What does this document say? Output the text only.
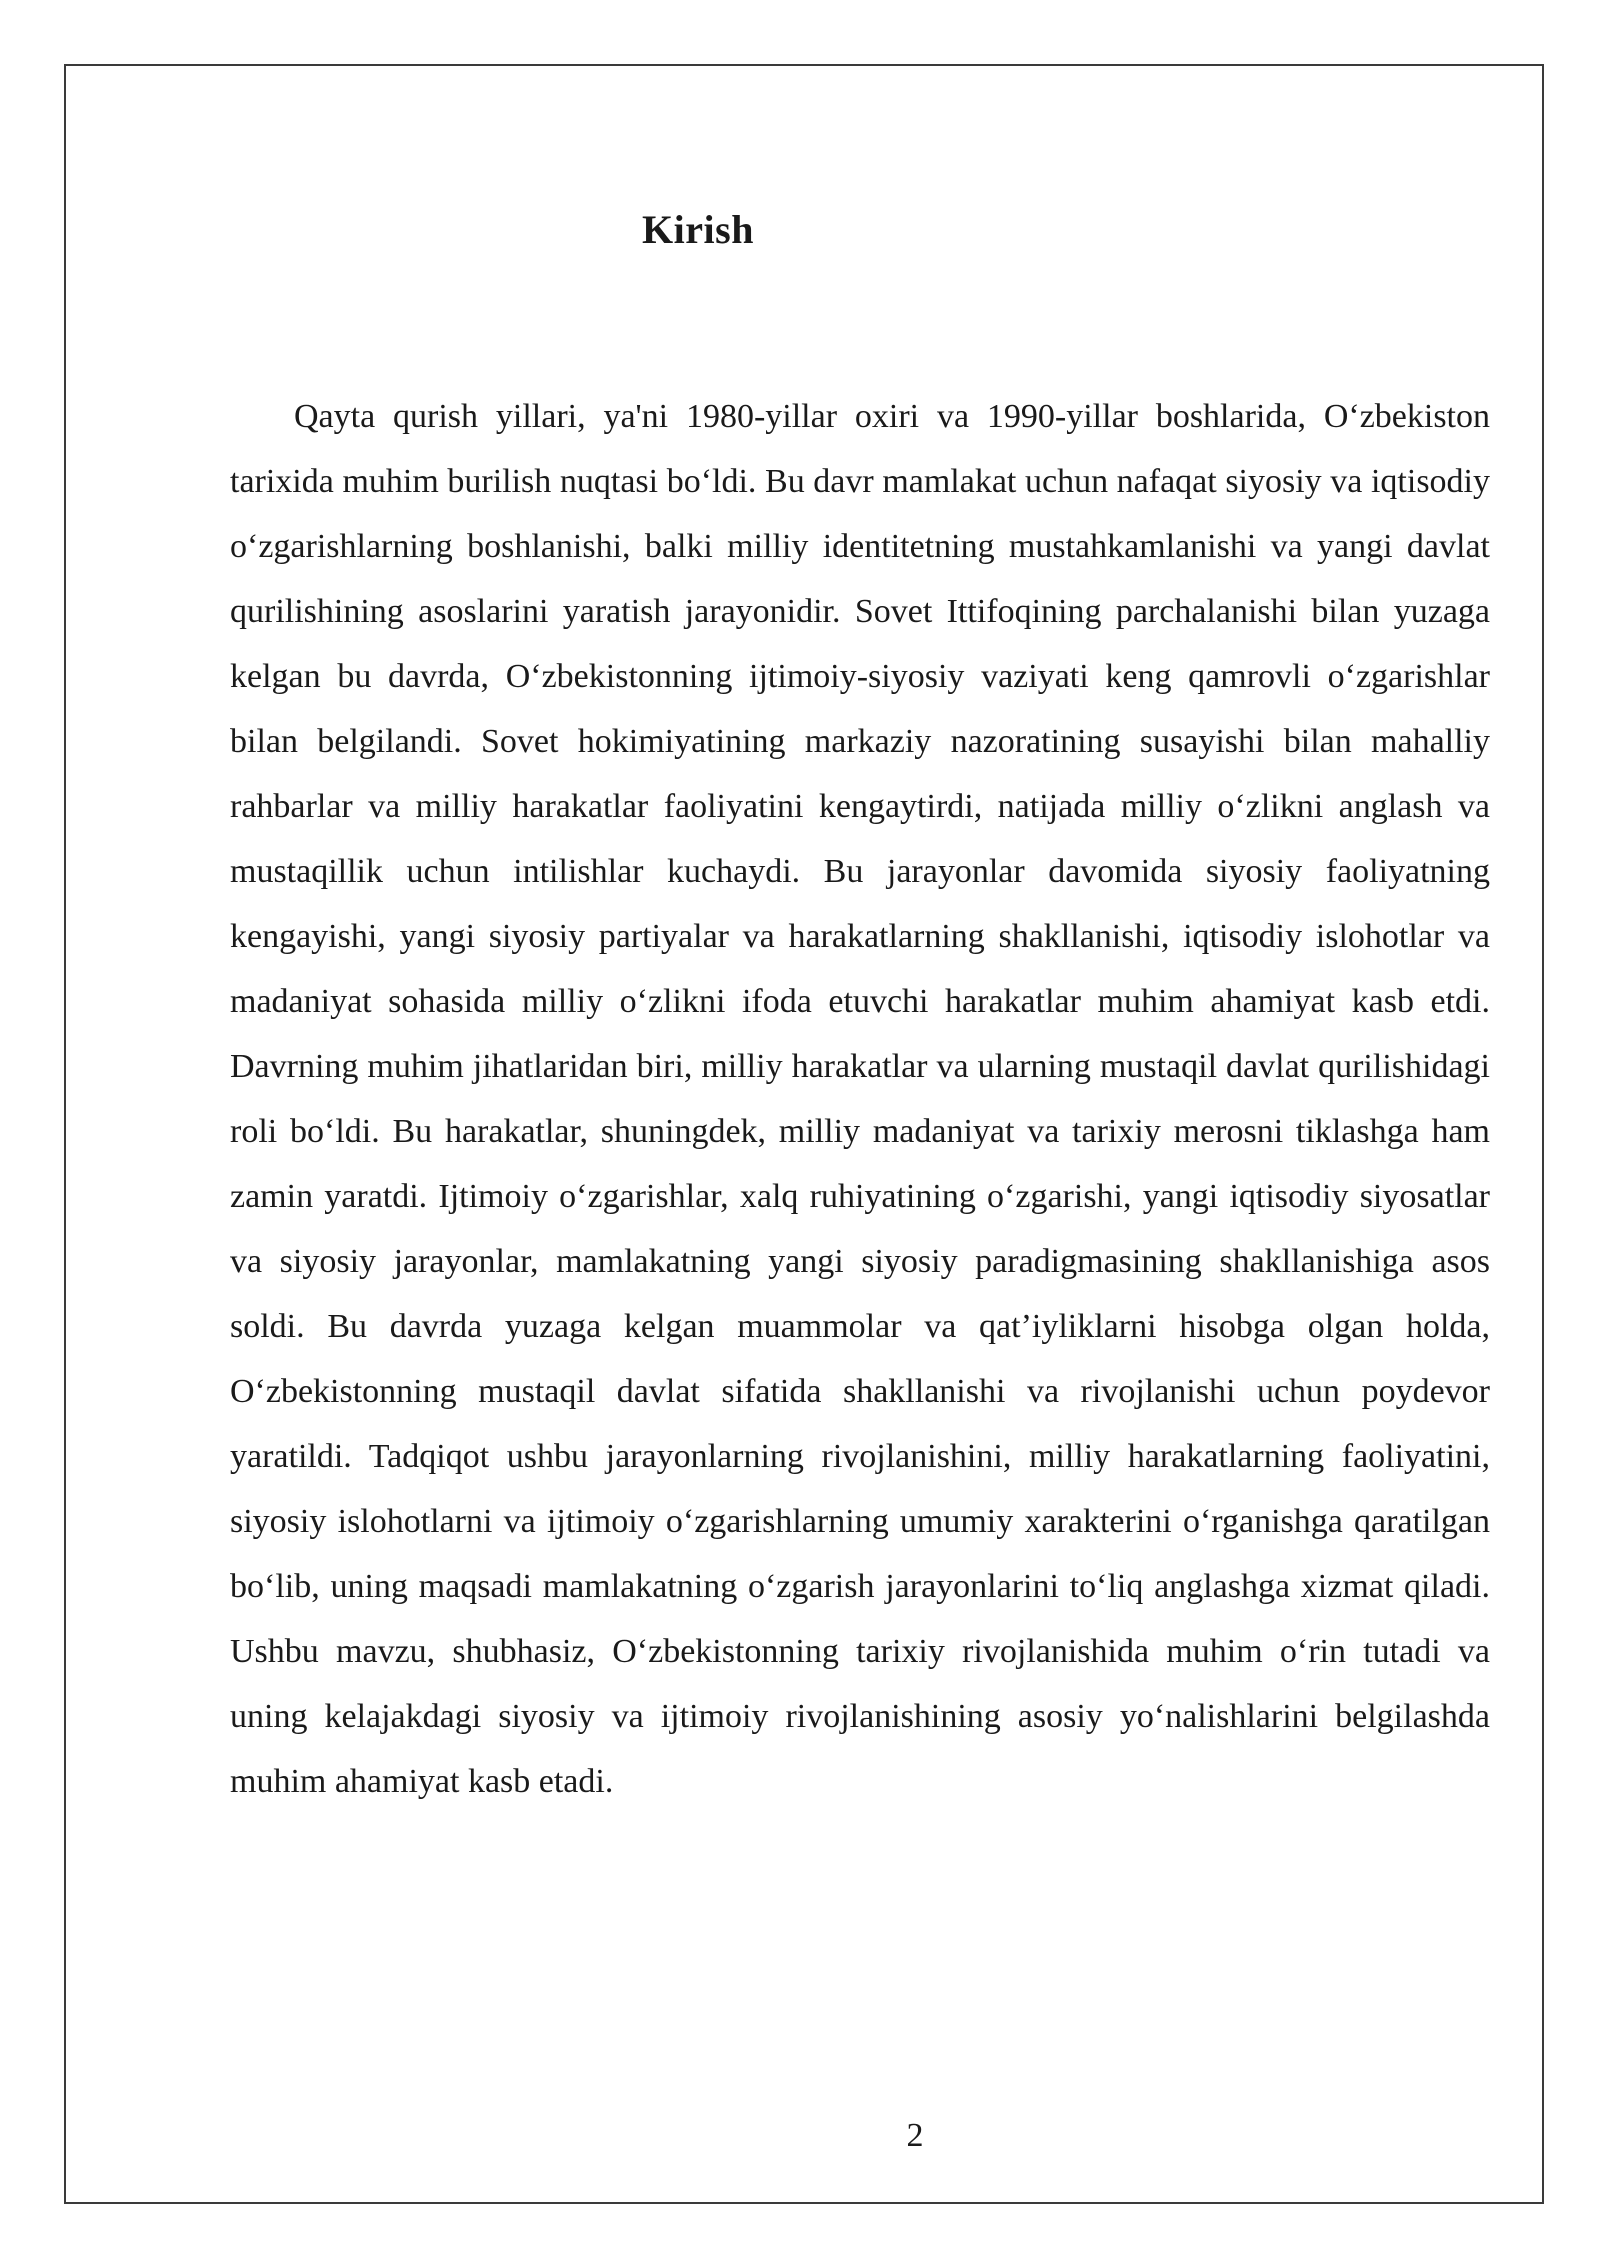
Kirish

Qayta qurish yillari, ya'ni 1980-yillar oxiri va 1990-yillar boshlarida, O‘zbekiston tarixida muhim burilish nuqtasi bo‘ldi. Bu davr mamlakat uchun nafaqat siyosiy va iqtisodiy o‘zgarishlarning boshlanishi, balki milliy identitetning mustahkamlanishi va yangi davlat qurilishining asoslarini yaratish jarayonidir. Sovet Ittifoqining parchalanishi bilan yuzaga kelgan bu davrda, O‘zbekistonning ijtimoiy-siyosiy vaziyati keng qamrovli o‘zgarishlar bilan belgilandi. Sovet hokimiyatining markaziy nazoratining susayishi bilan mahalliy rahbarlar va milliy harakatlar faoliyatini kengaytirdi, natijada milliy o‘zlikni anglash va mustaqillik uchun intilishlar kuchaydi. Bu jarayonlar davomida siyosiy faoliyatning kengayishi, yangi siyosiy partiyalar va harakatlarning shakllanishi, iqtisodiy islohotlar va madaniyat sohasida milliy o‘zlikni ifoda etuvchi harakatlar muhim ahamiyat kasb etdi. Davrning muhim jihatlaridan biri, milliy harakatlar va ularning mustaqil davlat qurilishidagi roli bo‘ldi. Bu harakatlar, shuningdek, milliy madaniyat va tarixiy merosni tiklashga ham zamin yaratdi. Ijtimoiy o‘zgarishlar, xalq ruhiyatining o‘zgarishi, yangi iqtisodiy siyosatlar va siyosiy jarayonlar, mamlakatning yangi siyosiy paradigmasining shakllanishiga asos soldi. Bu davrda yuzaga kelgan muammolar va qat’iyliklarni hisobga olgan holda, O‘zbekistonning mustaqil davlat sifatida shakllanishi va rivojlanishi uchun poydevor yaratildi. Tadqiqot ushbu jarayonlarning rivojlanishini, milliy harakatlarning faoliyatini, siyosiy islohotlarni va ijtimoiy o‘zgarishlarning umumiy xarakterini o‘rganishga qaratilgan bo‘lib, uning maqsadi mamlakatning o‘zgarish jarayonlarini to‘liq anglashga xizmat qiladi. Ushbu mavzu, shubhasiz, O‘zbekistonning tarixiy rivojlanishida muhim o‘rin tutadi va uning kelajakdagi siyosiy va ijtimoiy rivojlanishining asosiy yo‘nalishlarini belgilashda muhim ahamiyat kasb etadi.

2
